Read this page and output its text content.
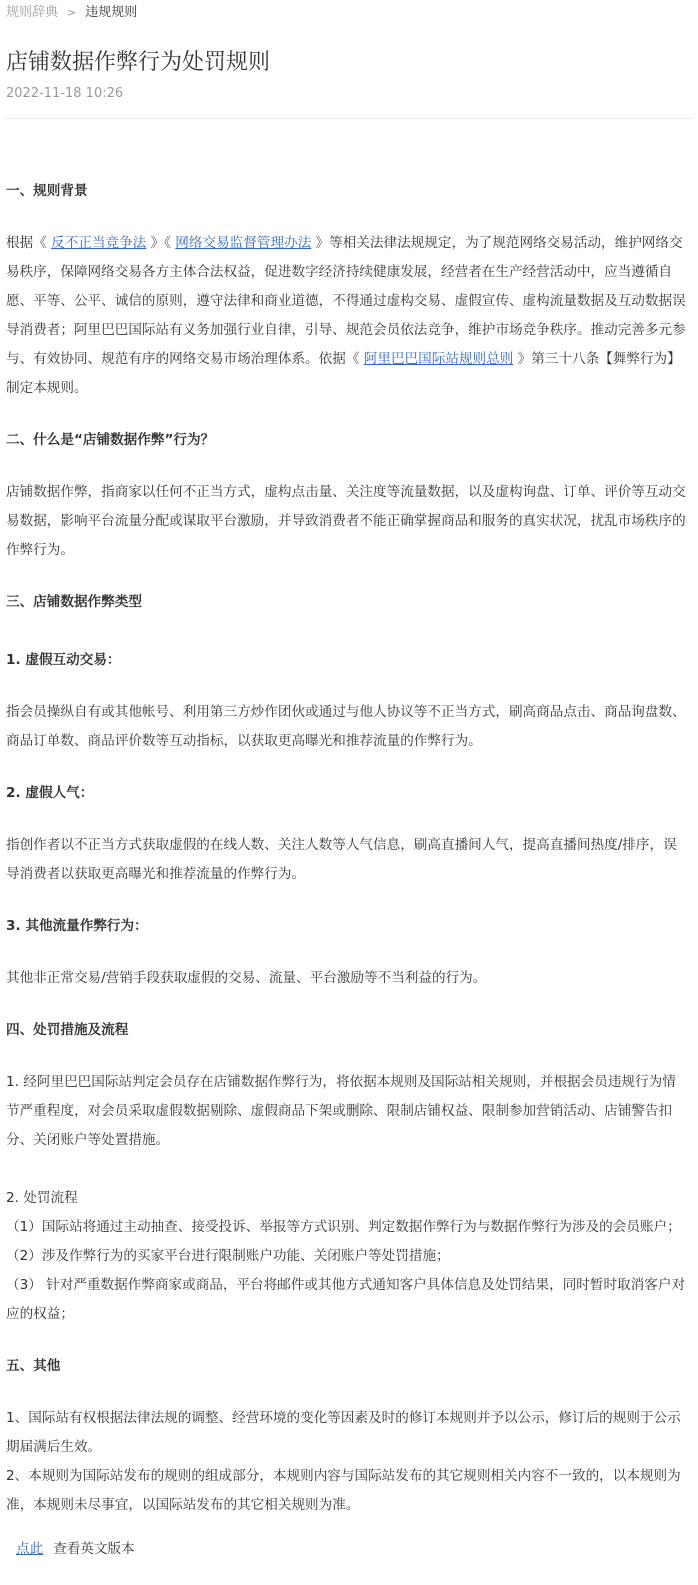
规则辞典 > 违规规则
店铺数据作弊行为处罚规则
2022-11-18 10:26
一、规则背景

根据《 反不正当竞争法 》《 网络交易监督管理办法 》等相关法律法规规定，为了规范网络交易活动，维护网络交易秩序，保障网络交易各方主体合法权益，促进数字经济持续健康发展，经营者在生产经营活动中，应当遵循自愿、平等、公平、诚信的原则，遵守法律和商业道德，不得通过虚构交易、虚假宣传、虚构流量数据及互动数据误导消费者；阿里巴巴国际站有义务加强行业自律，引导、规范会员依法竞争，维护市场竞争秩序。推动完善多元参与、有效协同、规范有序的网络交易市场治理体系。依据《 阿里巴巴国际站规则总则 》第三十八条【舞弊行为】制定本规则。

二、什么是“店铺数据作弊”行为？

店铺数据作弊，指商家以任何不正当方式，虚构点击量、关注度等流量数据，以及虚构询盘、订单、评价等互动交易数据，影响平台流量分配或谋取平台激励，并导致消费者不能正确掌握商品和服务的真实状况，扰乱市场秩序的作弊行为。

三、店铺数据作弊类型
1. 虚假互动交易：

指会员操纵自有或其他帐号、利用第三方炒作团伙或通过与他人协议等不正当方式，刷高商品点击、商品询盘数、商品订单数、商品评价数等互动指标，以获取更高曝光和推荐流量的作弊行为。

2. 虚假人气：

指创作者以不正当方式获取虚假的在线人数、关注人数等人气信息，刷高直播间人气，提高直播间热度/排序，误导消费者以获取更高曝光和推荐流量的作弊行为。

3. 其他流量作弊行为：

其他非正常交易/营销手段获取虚假的交易、流量、平台激励等不当利益的行为。

四、处罚措施及流程

1. 经阿里巴巴国际站判定会员存在店铺数据作弊行为，将依据本规则及国际站相关规则，并根据会员违规行为情节严重程度，对会员采取虚假数据剔除、虚假商品下架或删除、限制店铺权益、限制参加营销活动、店铺警告扣分、关闭账户等处置措施。

2. 处罚流程
（1）国际站将通过主动抽查、接受投诉、举报等方式识别、判定数据作弊行为与数据作弊行为涉及的会员账户；
（2）涉及作弊行为的买家平台进行限制账户功能、关闭账户等处罚措施；
（3） 针对严重数据作弊商家或商品，平台将邮件或其他方式通知客户具体信息及处罚结果，同时暂时取消客户对应的权益；
五、其他
1、国际站有权根据法律法规的调整、经营环境的变化等因素及时的修订本规则并予以公示，修订后的规则于公示期届满后生效。
2、本规则为国际站发布的规则的组成部分，本规则内容与国际站发布的其它规则相关内容不一致的，以本规则为准，本规则未尽事宜，以国际站发布的其它相关规则为准。
点此 查看英文版本
